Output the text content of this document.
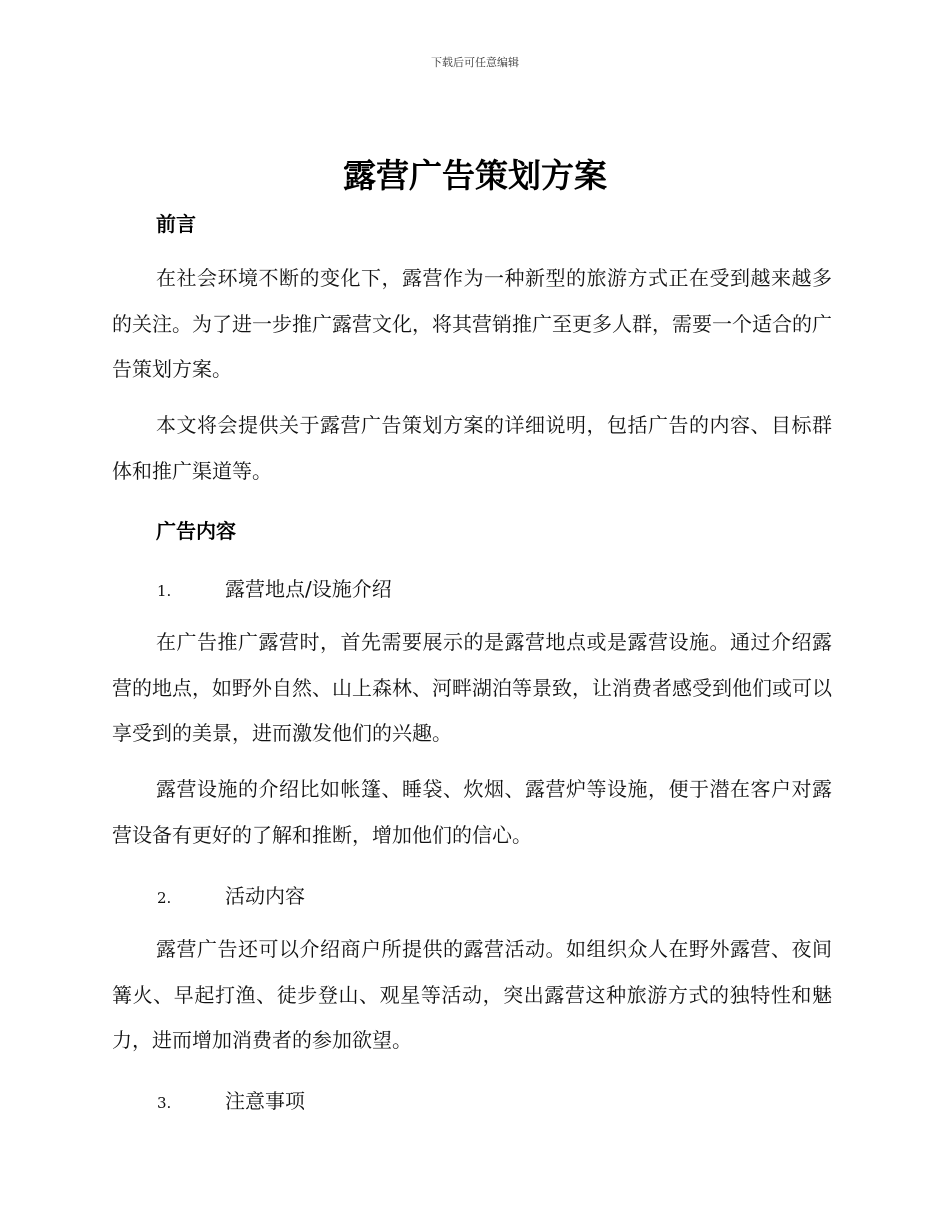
下载后可任意编辑
露营广告策划方案
前言
在社会环境不断的变化下，露营作为一种新型的旅游方式正在受到越来越多的关注。为了进一步推广露营文化，将其营销推广至更多人群，需要一个适合的广告策划方案。
本文将会提供关于露营广告策划方案的详细说明，包括广告的内容、目标群体和推广渠道等。
广告内容
1.	露营地点/设施介绍
在广告推广露营时，首先需要展示的是露营地点或是露营设施。通过介绍露营的地点，如野外自然、山上森林、河畔湖泊等景致，让消费者感受到他们或可以享受到的美景，进而激发他们的兴趣。
露营设施的介绍比如帐篷、睡袋、炊烟、露营炉等设施，便于潜在客户对露营设备有更好的了解和推断，增加他们的信心。
2.	活动内容
露营广告还可以介绍商户所提供的露营活动。如组织众人在野外露营、夜间篝火、早起打渔、徒步登山、观星等活动，突出露营这种旅游方式的独特性和魅力，进而增加消费者的参加欲望。
3.	注意事项
